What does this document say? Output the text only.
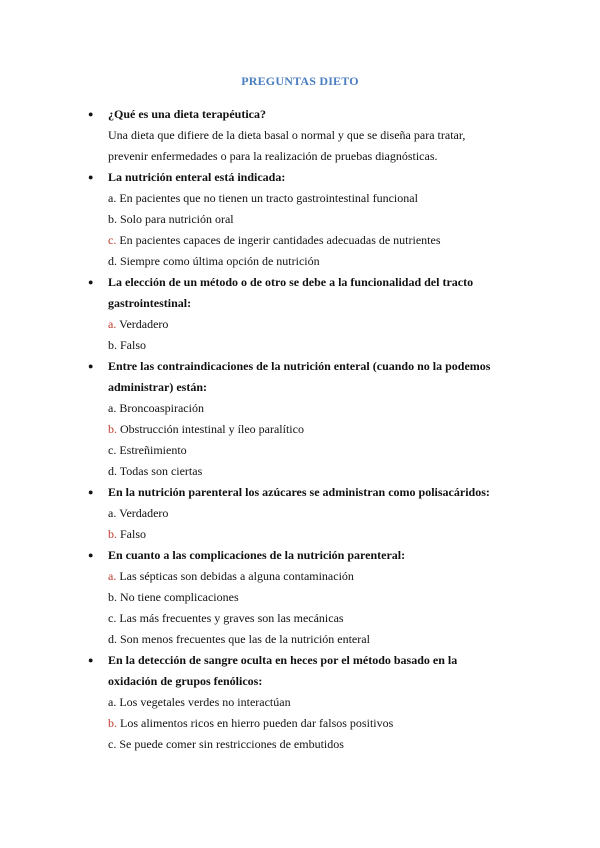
PREGUNTAS DIETO
● ¿Qué es una dieta terapéutica?
Una dieta que difiere de la dieta basal o normal y que se diseña para tratar,
prevenir enfermedades o para la realización de pruebas diagnósticas.
● La nutrición enteral está indicada:
a. En pacientes que no tienen un tracto gastrointestinal funcional
b. Solo para nutrición oral
c. En pacientes capaces de ingerir cantidades adecuadas de nutrientes
d. Siempre como última opción de nutrición
● La elección de un método o de otro se debe a la funcionalidad del tracto
gastrointestinal:
a. Verdadero
b. Falso
● Entre las contraindicaciones de la nutrición enteral (cuando no la podemos
administrar) están:
a. Broncoaspiración
b. Obstrucción intestinal y íleo paralítico
c. Estreñimiento
d. Todas son ciertas
● En la nutrición parenteral los azúcares se administran como polisacáridos:
a. Verdadero
b. Falso
● En cuanto a las complicaciones de la nutrición parenteral:
a. Las sépticas son debidas a alguna contaminación
b. No tiene complicaciones
c. Las más frecuentes y graves son las mecánicas
d. Son menos frecuentes que las de la nutrición enteral
● En la detección de sangre oculta en heces por el método basado en la
oxidación de grupos fenólicos:
a. Los vegetales verdes no interactúan
b. Los alimentos ricos en hierro pueden dar falsos positivos
c. Se puede comer sin restricciones de embutidos
